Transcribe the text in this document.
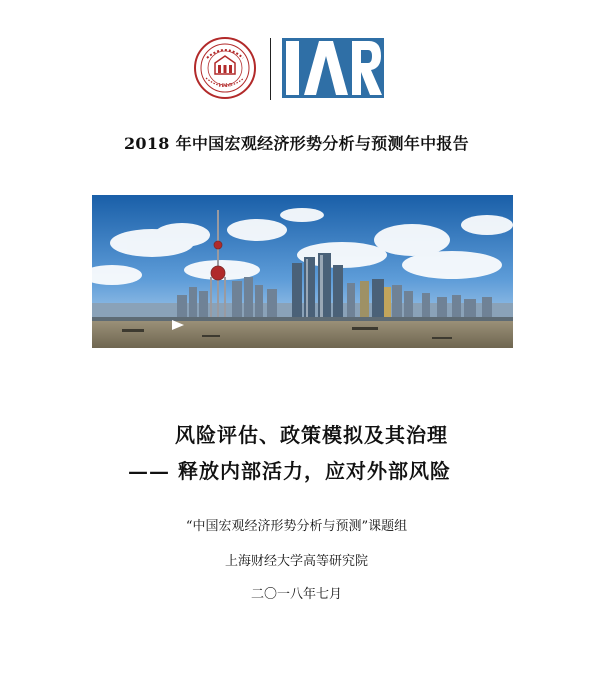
1917
2018 年中国宏观经济形势分析与预测年中报告
风险评估、政策模拟及其治理
—— 释放内部活力，应对外部风险
“中国宏观经济形势分析与预测”课题组
上海财经大学高等研究院
二〇一八年七月
